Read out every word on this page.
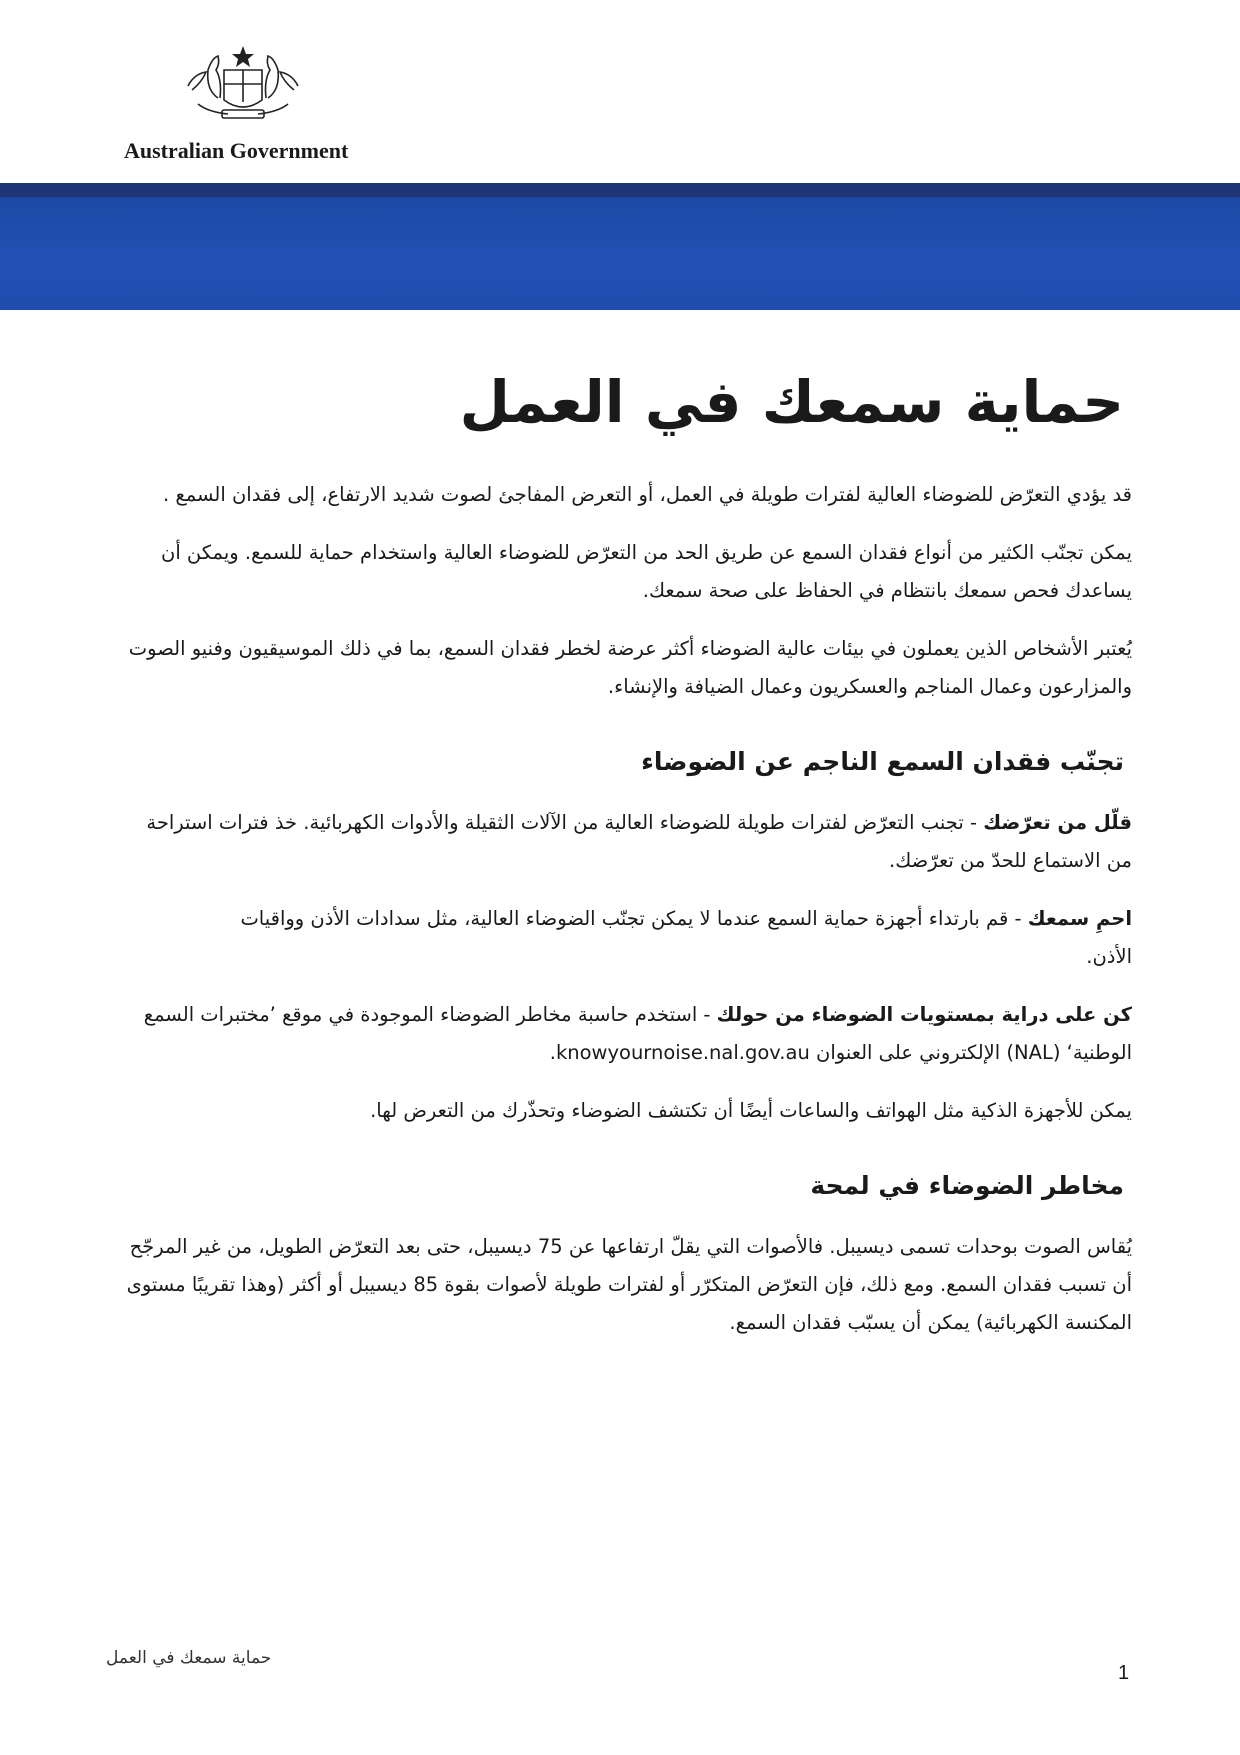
Australian Government
حماية سمعك في العمل

قد يؤدي التعرّض للضوضاء العالية لفترات طويلة في العمل، أو التعرض المفاجئ لصوت شديد الارتفاع، إلى فقدان السمع .

يمكن تجنّب الكثير من أنواع فقدان السمع عن طريق الحد من التعرّض للضوضاء العالية واستخدام حماية للسمع. ويمكن أن يساعدك فحص سمعك بانتظام في الحفاظ على صحة سمعك.

يُعتبر الأشخاص الذين يعملون في بيئات عالية الضوضاء أكثر عرضة لخطر فقدان السمع، بما في ذلك الموسيقيون وفنيو الصوت والمزارعون وعمال المناجم والعسكريون وعمال الضيافة والإنشاء.

تجنّب فقدان السمع الناجم عن الضوضاء

قلّل من تعرّضك - تجنب التعرّض لفترات طويلة للضوضاء العالية من الآلات الثقيلة والأدوات الكهربائية. خذ فترات استراحة من الاستماع للحدّ من تعرّضك.

احمِ سمعك - قم بارتداء أجهزة حماية السمع عندما لا يمكن تجنّب الضوضاء العالية، مثل سدادات الأذن وواقيات الأذن.

كن على دراية بمستويات الضوضاء من حولك - استخدم حاسبة مخاطر الضوضاء الموجودة في موقع ’مختبرات السمع الوطنية‘ (NAL) الإلكتروني على العنوان knowyournoise.nal.gov.au.

يمكن للأجهزة الذكية مثل الهواتف والساعات أيضًا أن تكتشف الضوضاء وتحذّرك من التعرض لها.

مخاطر الضوضاء في لمحة

يُقاس الصوت بوحدات تسمى ديسيبل. فالأصوات التي يقلّ ارتفاعها عن 75 ديسيبل، حتى بعد التعرّض الطويل، من غير المرجّح أن تسبب فقدان السمع. ومع ذلك، فإن التعرّض المتكرّر أو لفترات طويلة لأصوات بقوة 85 ديسيبل أو أكثر (وهذا تقريبًا مستوى المكنسة الكهربائية) يمكن أن يسبّب فقدان السمع.

حماية سمعك في العمل
1
